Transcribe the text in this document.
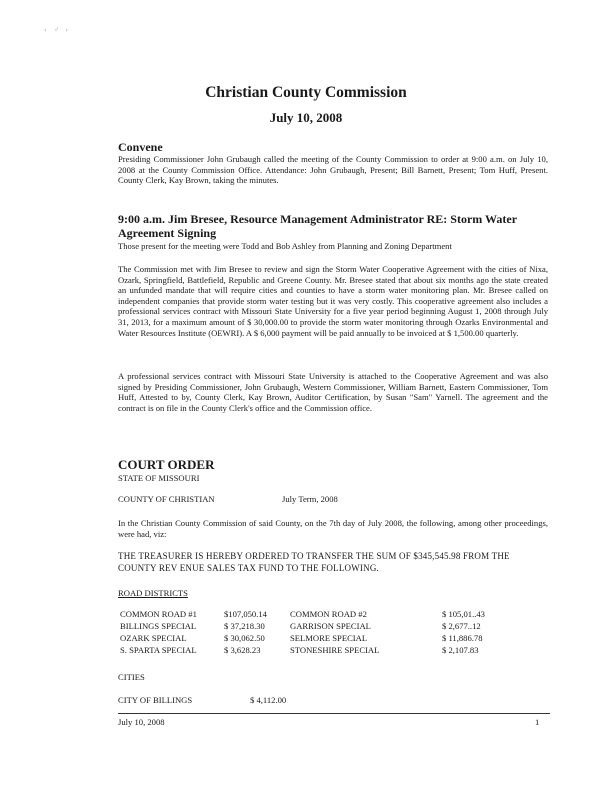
· ·̇ ·
Christian County Commission
July 10, 2008
Convene
Presiding Commissioner John Grubaugh called the meeting of the County Commission to order at 9:00 a.m. on July 10, 2008 at the County Commission Office. Attendance: John Grubaugh, Present; Bill Barnett, Present; Tom Huff, Present. County Clerk, Kay Brown, taking the minutes.
9:00 a.m. Jim Bresee, Resource Management Administrator RE: Storm Water Agreement Signing
Those present for the meeting were Todd and Bob Ashley from Planning and Zoning Department
The Commission met with Jim Bresee to review and sign the Storm Water Cooperative Agreement with the cities of Nixa, Ozark, Springfield, Battlefield, Republic and Greene County. Mr. Bresee stated that about six months ago the state created an unfunded mandate that will require cities and counties to have a storm water monitoring plan. Mr. Bresee called on independent companies that provide storm water testing but it was very costly. This cooperative agreement also includes a professional services contract with Missouri State University for a five year period beginning August 1, 2008 through July 31, 2013, for a maximum amount of $ 30,000.00 to provide the storm water monitoring through Ozarks Environmental and Water Resources Institute (OEWRI). A $ 6,000 payment will be paid annually to be invoiced at $ 1,500.00 quarterly.
A professional services contract with Missouri State University is attached to the Cooperative Agreement and was also signed by Presiding Commissioner, John Grubaugh, Western Commissioner, William Barnett, Eastern Commissioner, Tom Huff, Attested to by, County Clerk, Kay Brown, Auditor Certification, by Susan "Sam" Yarnell. The agreement and the contract is on file in the County Clerk's office and the Commission office.
COURT ORDER
STATE OF MISSOURI
COUNTY OF CHRISTIAN	July Term, 2008
In the Christian County Commission of said County, on the 7th day of July 2008, the following, among other proceedings, were had, viz:
THE TREASURER IS HEREBY ORDERED TO TRANSFER THE SUM OF $345,545.98 FROM THE COUNTY REV ENUE SALES TAX FUND TO THE FOLLOWING.
ROAD DISTRICTS
COMMON ROAD #1	$107,050.14	COMMON ROAD #2	$ 105,01..43
BILLINGS SPECIAL	$ 37,218.30	GARRISON SPECIAL	$ 2,677..12
OZARK SPECIAL	$ 30,062.50	SELMORE SPECIAL	$ 11,886.78
S. SPARTA SPECIAL	$ 3,628.23	STONESHIRE SPECIAL	$ 2,107.83
CITIES
CITY OF BILLINGS	$ 4,112.00
July 10, 2008	1
